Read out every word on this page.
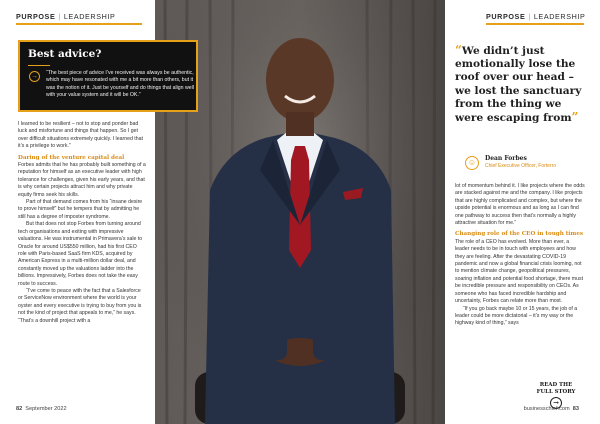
PURPOSE | LEADERSHIP

I learned to be resilient – not to stop and ponder bad luck and misfortune and things that happen. So I get over difficult situations extremely quickly. I learned that it’s a privilege to work.”

Daring of the venture capital deal

Forbes admits that he has probably built something of a reputation for himself as an executive leader with high tolerance for challenges, given his early years, and that is why certain projects attract him and why private equity firms seek his skills.

Part of that demand comes from his “insane desire to prove himself” but he tempers that by admitting he still has a degree of imposter syndrome.

But that does not stop Forbes from turning around tech organisations and exiting with impressive valuations. He was instrumental in Primavera’s sale to Oracle for around US$550 million, had his first CEO role with Paris-based SaaS firm KDS, acquired by American Express in a multi-million dollar deal, and constantly moved up the valuations ladder into the billions. Impressively, Forbes does not take the easy route to success.

“I’ve come to peace with the fact that a Salesforce or ServiceNow environment where the world is your oyster and every executive is trying to buy from you is not the kind of project that appeals to me,” he says. “That’s a downhill project with a

82 September 2022
Best advice?
→	“The best piece of advice I’ve received was always be authentic, which may have resonated with me a bit more than others, but it was the notion of it. Just be yourself and do things that align well with your value system and it will be OK.”
PURPOSE | LEADERSHIP
“We didn’t just emotionally lose the roof over our head – we lost the sanctuary from the thing we were escaping from”
☺	Dean Forbes
Chief Executive Officer, Forterro

lot of momentum behind it. I like projects where the odds are stacked against me and the company. I like projects that are highly complicated and complex, but where the upside potential is enormous and as long as I can find one pathway to success then that’s normally a highly attractive situation for me.”

Changing role of the CEO in tough times

The role of a CEO has evolved. More than ever, a leader needs to be in touch with employees and how they are feeling. After the devastating COVID-19 pandemic and now a global financial crisis looming, not to mention climate change, geopolitical pressures, soaring inflation and potential food shortage, there must be incredible pressure and responsibility on CEOs. As someone who has faced incredible hardship and uncertainty, Forbes can relate more than most.

“If you go back maybe 10 or 15 years, the job of a leader could be more dictatorial – it’s my way or the highway kind of thing,” says

READ THE
FULL STORY
→
businesschief.com 83
